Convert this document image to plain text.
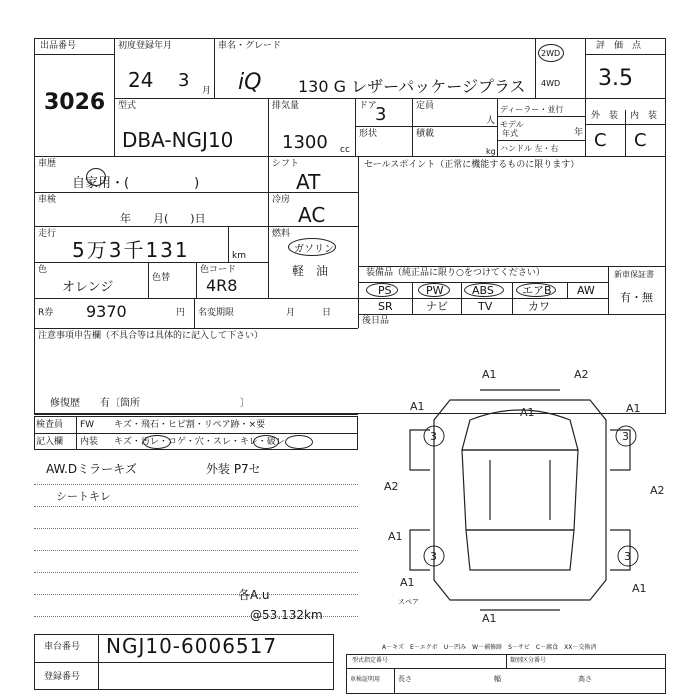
出品番号
3026
初度登録年月
24 3 月
車名・グレード
iQ 130 G レザーパッケージプラス
2WD
4WD
評　価　点
3.5
型式
DBA-NGJ10
排気量
1300 cc
ドア
3	定員
人
形状	積載
kg
ディーラー・並行
モデル
年式	年
ハンドル 左・右
外　装 内　装
C C
車歴
自家用・(　　　　　)
シフト
AT
車検
年　　月(　　)日
冷房
AC
走行
5万3千131	km
燃料
ガソリン
軽　油
色
オレンジ
色替
色コード
4R8
R券 9370	円 名変期限	月　　　日
セールスポイント（正常に機能するものに限ります）
装備品（純正品に限り○をつけてください）	新車保証書
有・無
PS	PW	ABS	エアB AW
SR	ナビ	TV	カワ
後日品
注意事項申告欄（不具合等は具体的に記入して下さい）
修復歴　　有〔箇所　　　　　　　　　　〕
検査員
記入欄
FW キズ・飛石・ヒビ割・リペア跡・×要
内装 キズ・汚レ・コゲ・穴・スレ・キレ・破レ
AW.Dミラーキズ	外装 P7セ
シートキレ
各A.u
@53.132km
A1	A2
A1	A1
A1
3	3
A2	A2
A1
3	3
A1	A1
A1
スペア
A－キズ　E－エクボ　U－凹み　W－補修跡　S－サビ　C－腐食　XX－交換済
車台番号 NGJ10-6006517
登録番号
型式指定番号	類別区分番号
車検証明用	長さ	幅	高さ
